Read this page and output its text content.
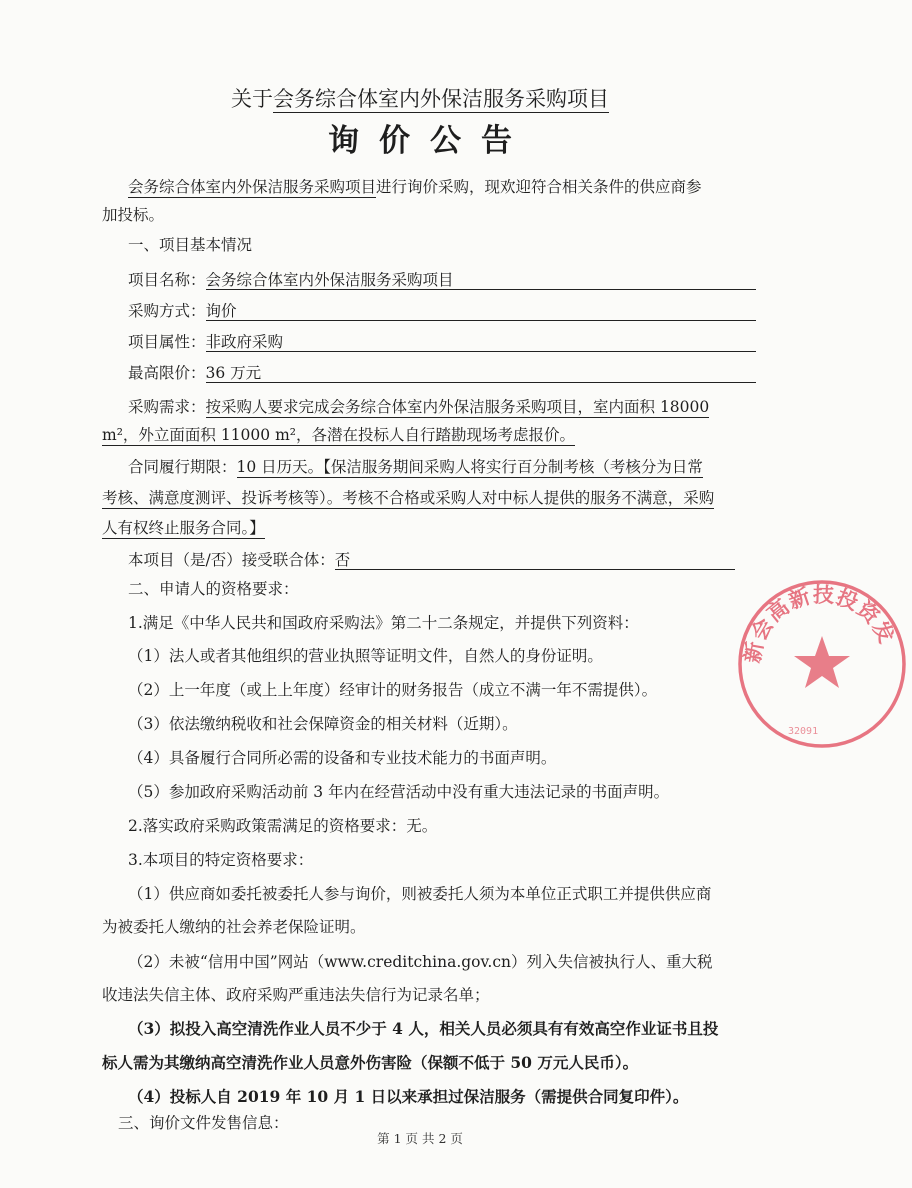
关于会务综合体室内外保洁服务采购项目
询价公告
会务综合体室内外保洁服务采购项目进行询价采购，现欢迎符合相关条件的供应商参
加投标。
一、项目基本情况
项目名称：会务综合体室内外保洁服务采购项目
采购方式：询价
项目属性：非政府采购
最高限价：36 万元
采购需求：按采购人要求完成会务综合体室内外保洁服务采购项目，室内面积 18000
m²，外立面面积 11000 m²，各潜在投标人自行踏勘现场考虑报价。
合同履行期限：10 日历天。【保洁服务期间采购人将实行百分制考核（考核分为日常
考核、满意度测评、投诉考核等）。考核不合格或采购人对中标人提供的服务不满意，采购
人有权终止服务合同。】
本项目（是/否）接受联合体：否
二、申请人的资格要求：
1.满足《中华人民共和国政府采购法》第二十二条规定，并提供下列资料：
（1）法人或者其他组织的营业执照等证明文件，自然人的身份证明。
（2）上一年度（或上上年度）经审计的财务报告（成立不满一年不需提供）。
（3）依法缴纳税收和社会保障资金的相关材料（近期）。
（4）具备履行合同所必需的设备和专业技术能力的书面声明。
（5）参加政府采购活动前 3 年内在经营活动中没有重大违法记录的书面声明。
2.落实政府采购政策需满足的资格要求：无。
3.本项目的特定资格要求：
（1）供应商如委托被委托人参与询价，则被委托人须为本单位正式职工并提供供应商
为被委托人缴纳的社会养老保险证明。
（2）未被“信用中国”网站（www.creditchina.gov.cn）列入失信被执行人、重大税
收违法失信主体、政府采购严重违法失信行为记录名单；
（3）拟投入高空清洗作业人员不少于 4 人，相关人员必须具有有效高空作业证书且投
标人需为其缴纳高空清洗作业人员意外伤害险（保额不低于 50 万元人民币）。
（4）投标人自 2019 年 10 月 1 日以来承担过保洁服务（需提供合同复印件）。
三、询价文件发售信息：
第 1 页 共 2 页
新会高新技投资发
32091
